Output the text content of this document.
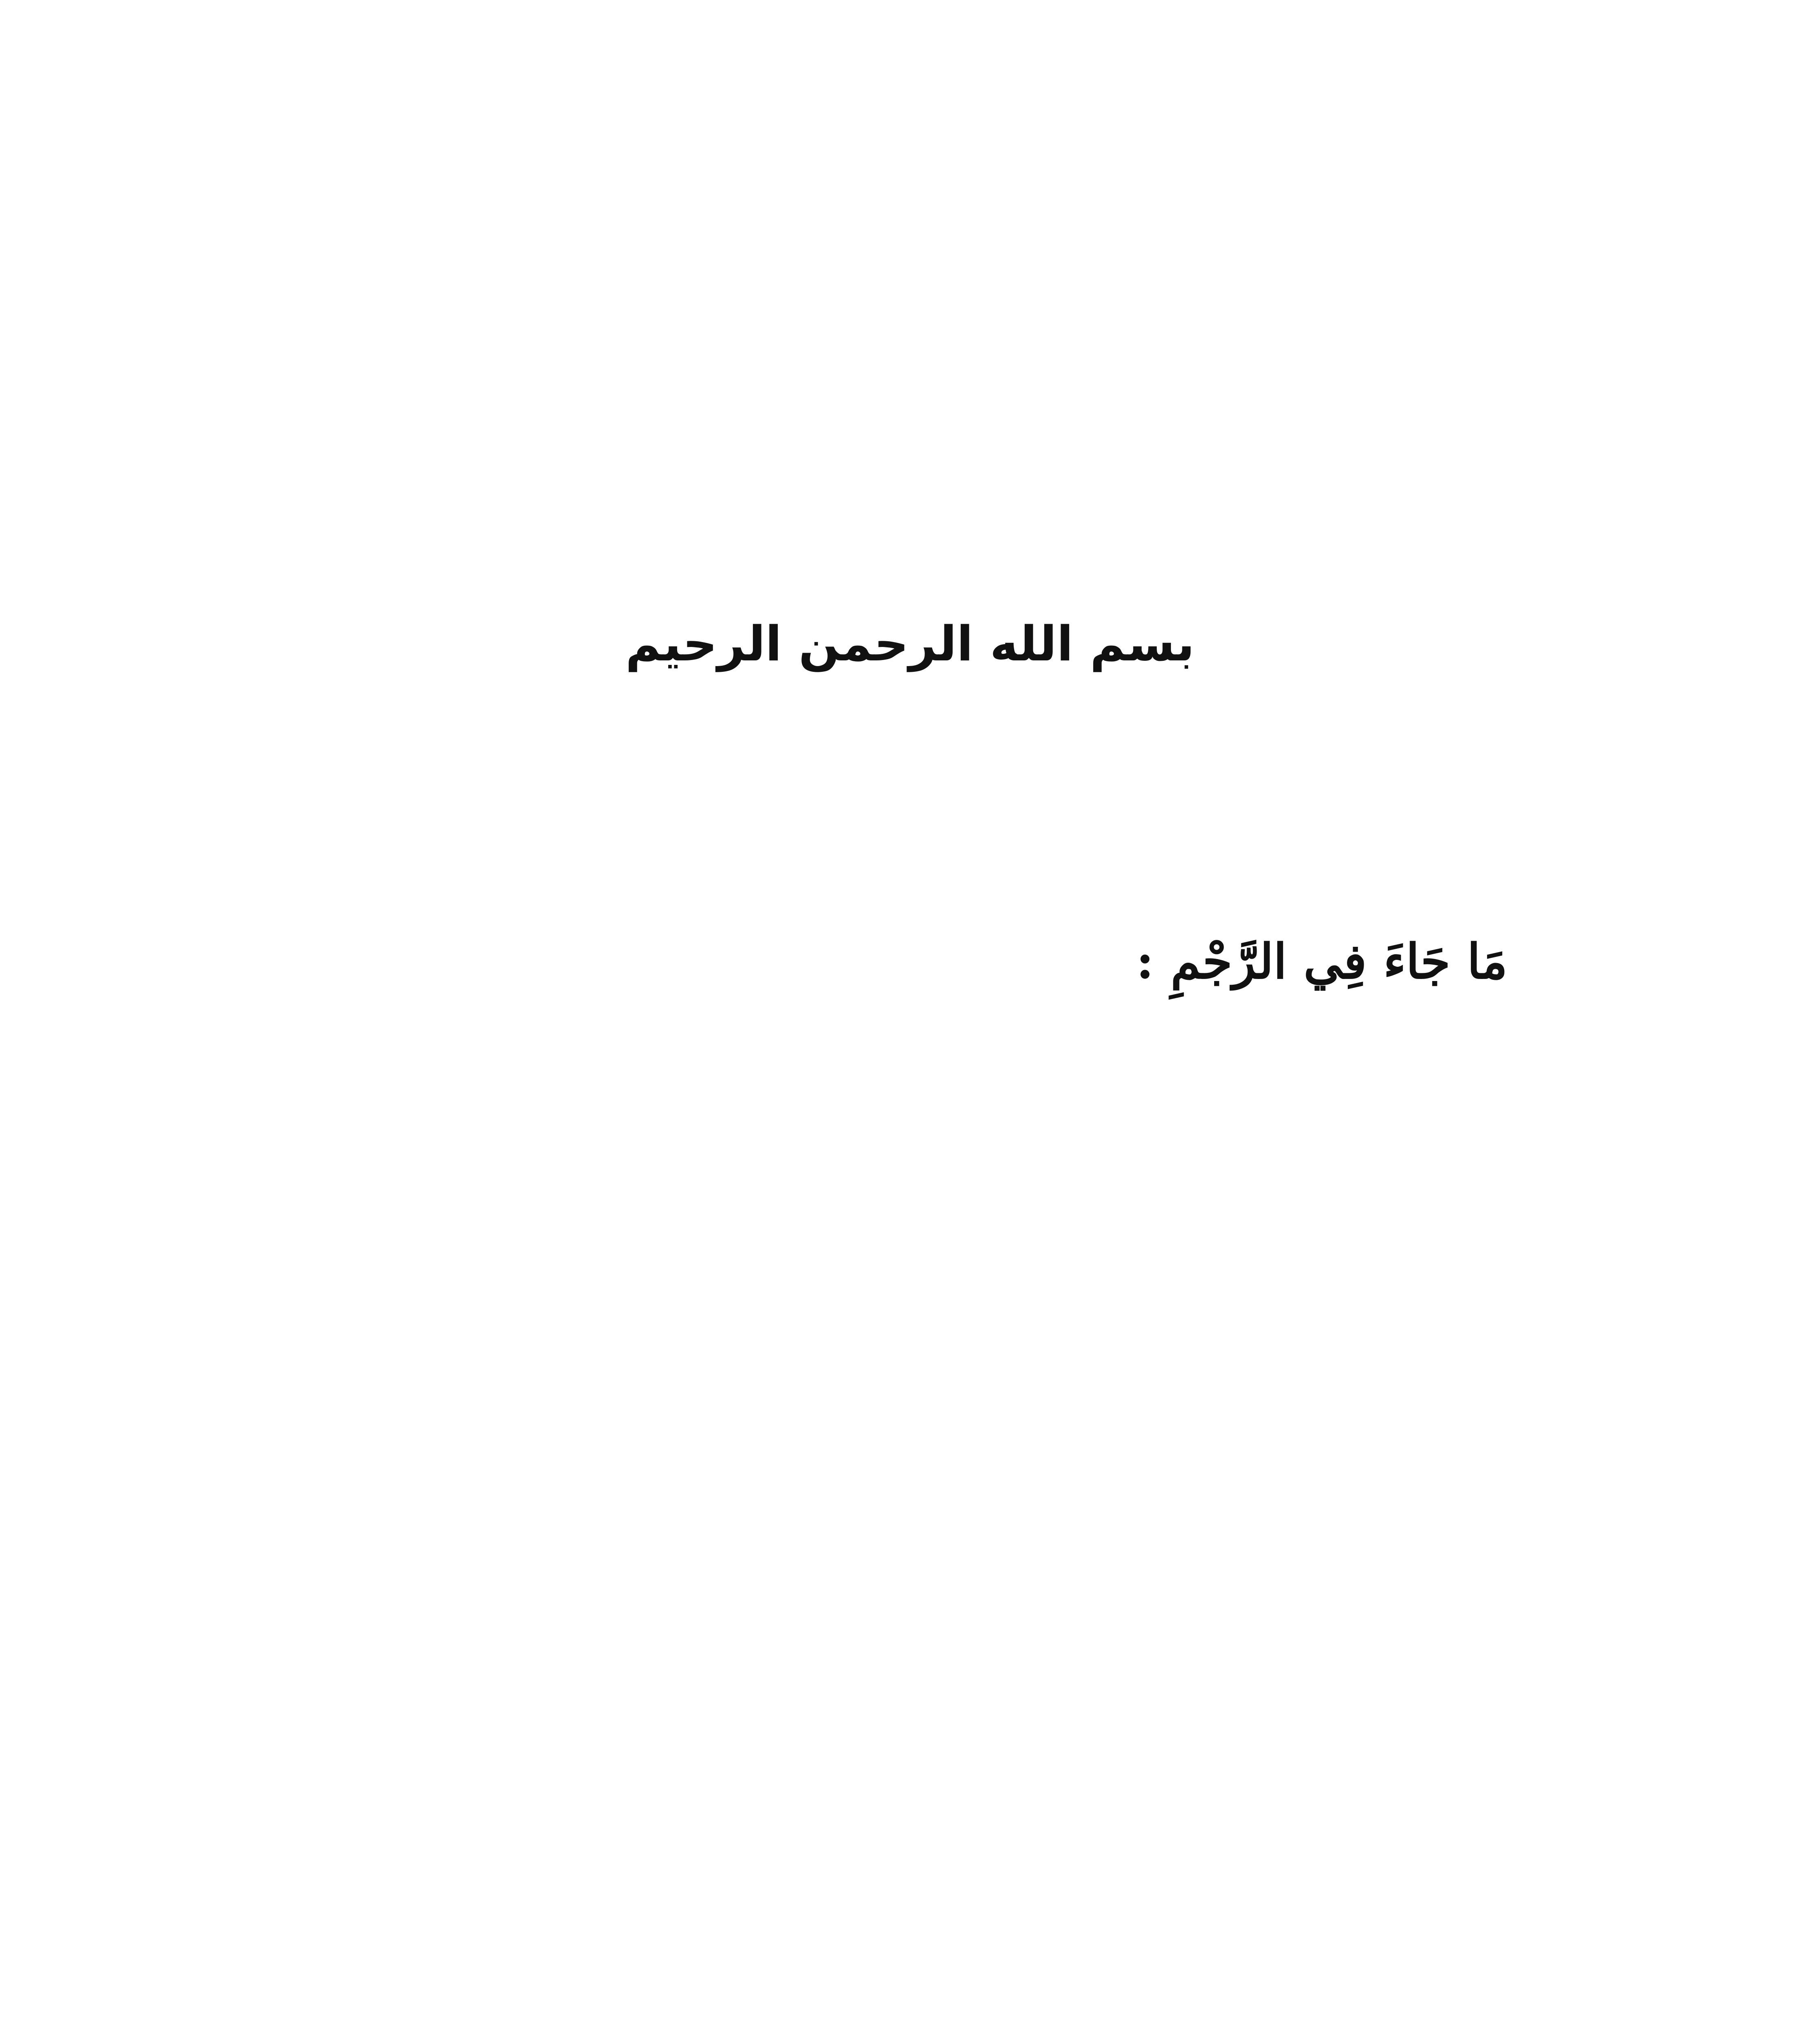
بسم الله الرحمن الرحيم
مَا جَاءَ فِي الرَّجْمِ :
